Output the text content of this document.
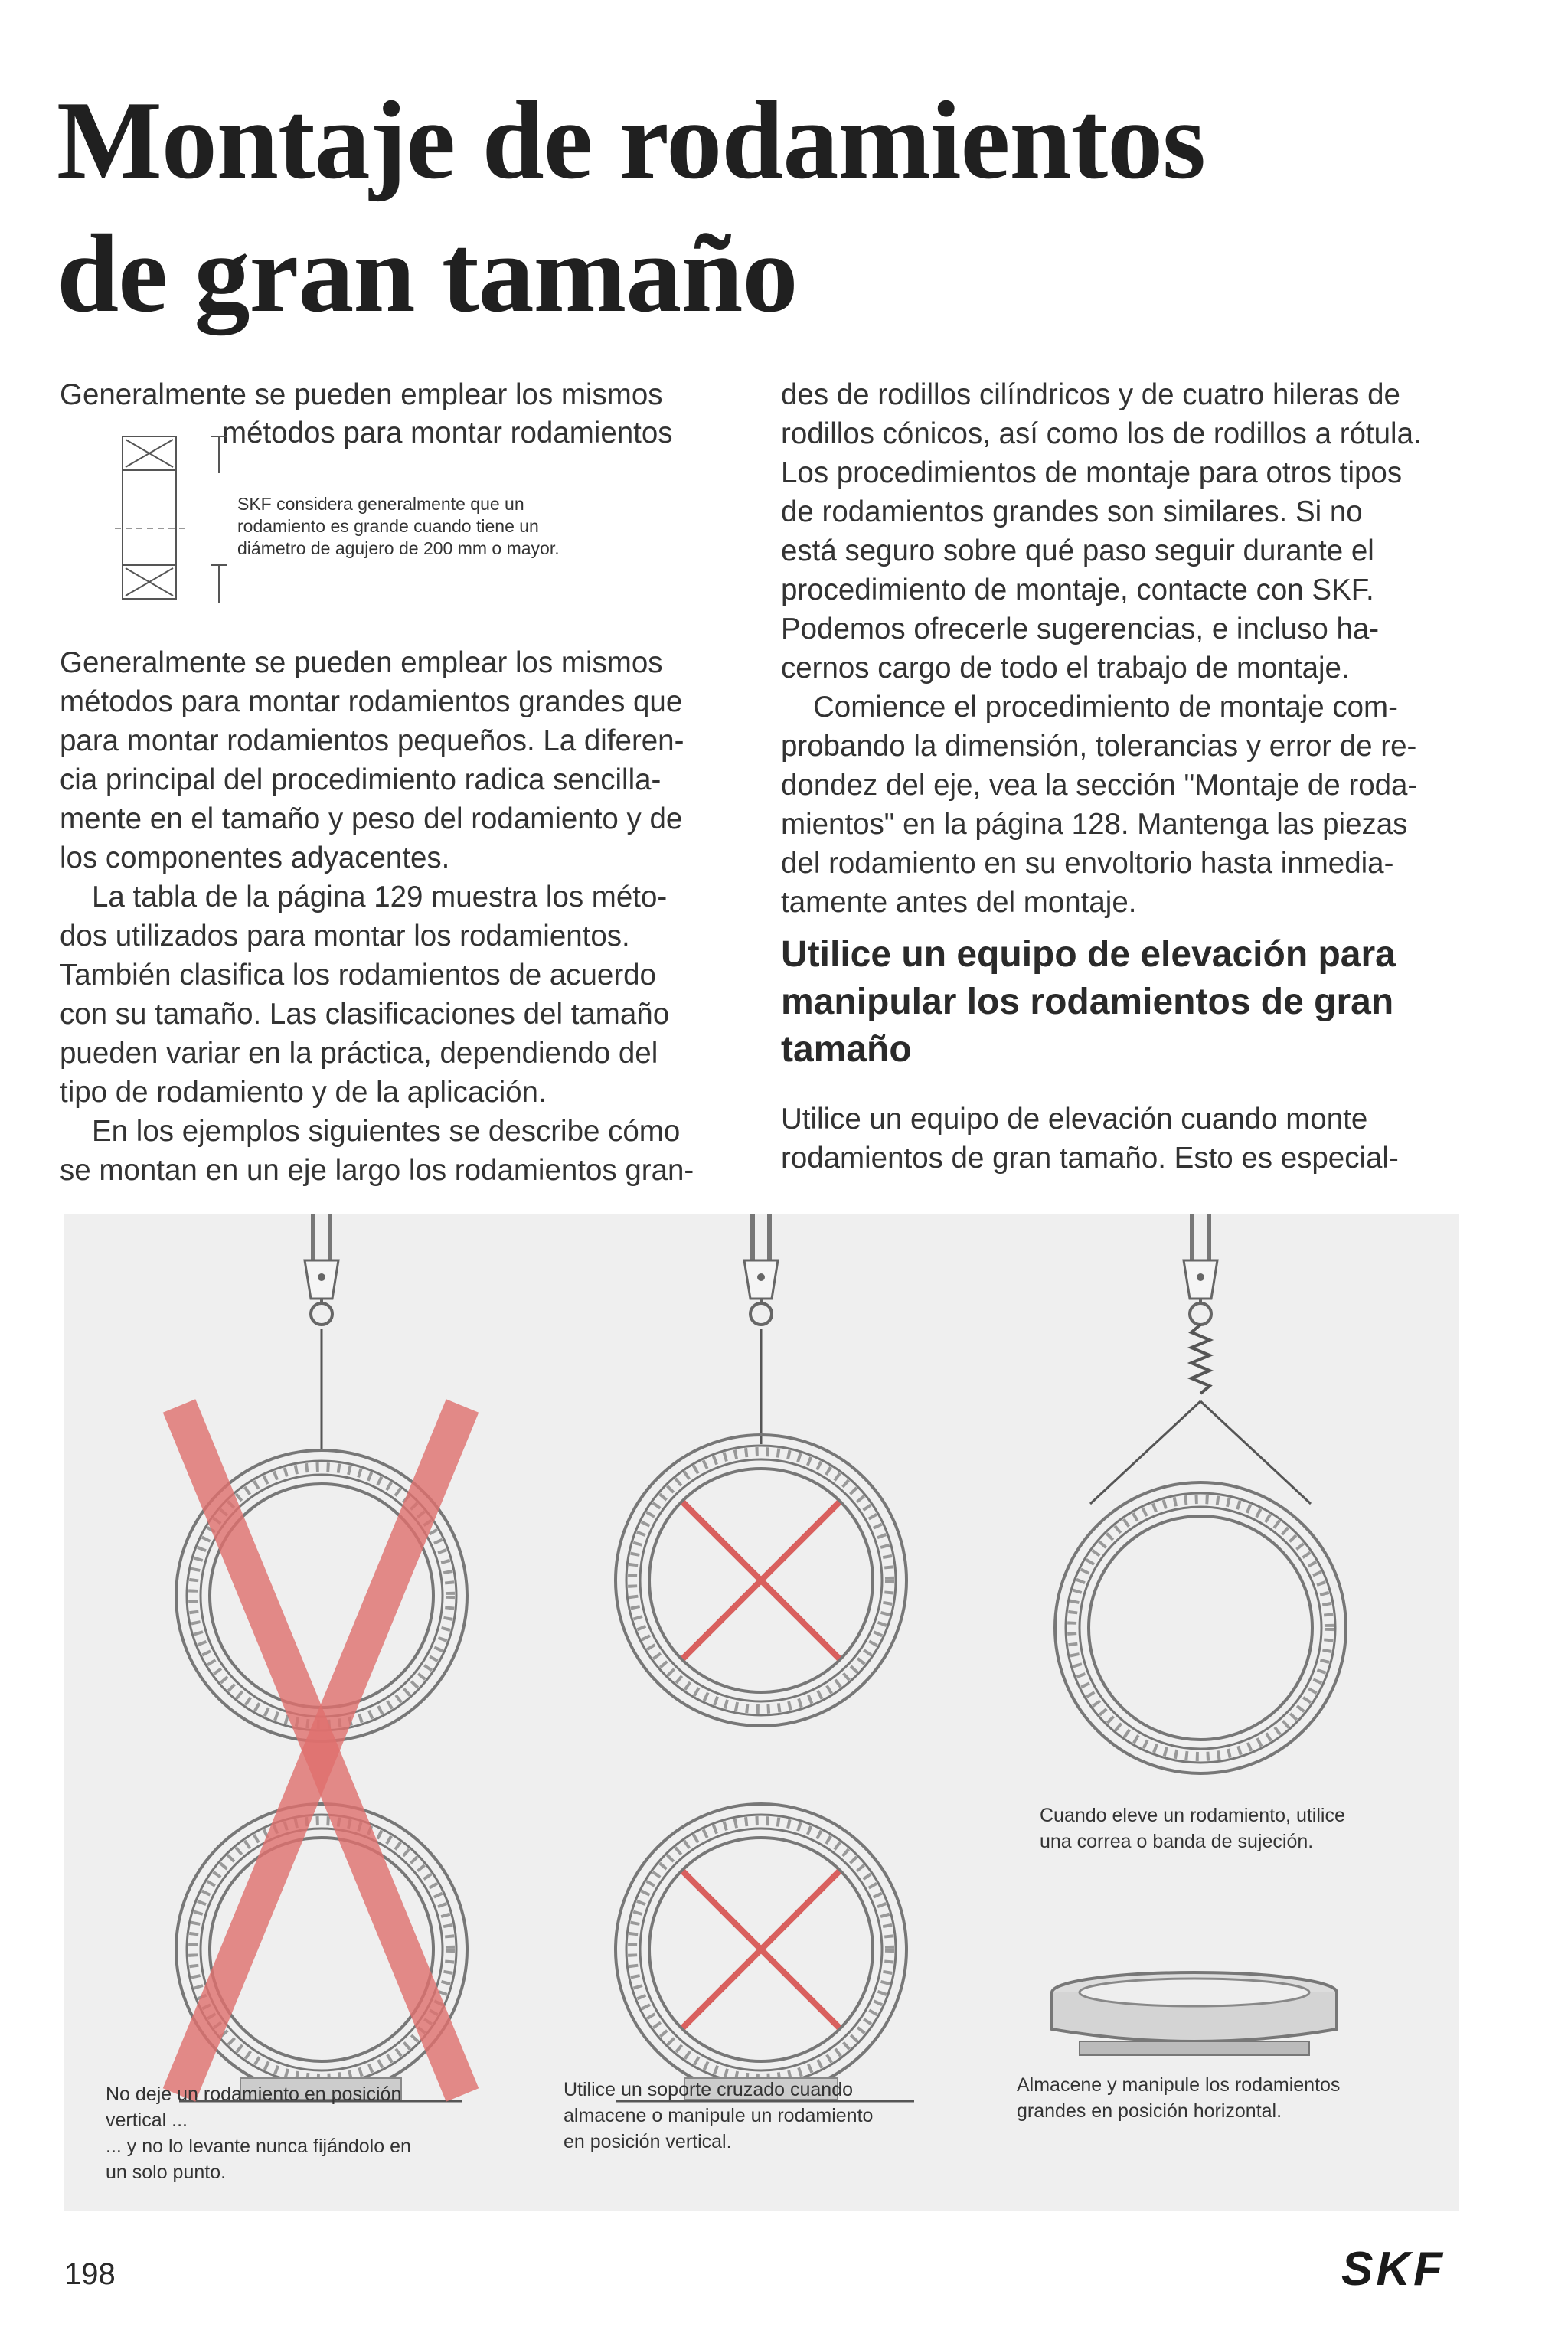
Montaje de rodamientos
de gran tamaño
Generalmente se pueden emplear los mismos
métodos para montar rodamientos
SKF considera generalmente que un
rodamiento es grande cuando tiene un
diámetro de agujero de 200 mm o mayor.

Generalmente se pueden emplear los mismos

métodos para montar rodamientos grandes que

para montar rodamientos pequeños. La diferen-

cia principal del procedimiento radica sencilla-

mente en el tamaño y peso del rodamiento y de

los componentes adyacentes.

La tabla de la página 129 muestra los méto-

dos utilizados para montar los rodamientos.

También clasifica los rodamientos de acuerdo

con su tamaño. Las clasificaciones del tamaño

pueden variar en la práctica, dependiendo del

tipo de rodamiento y de la aplicación.

En los ejemplos siguientes se describe cómo

se montan en un eje largo los rodamientos gran-

des de rodillos cilíndricos y de cuatro hileras de

rodillos cónicos, así como los de rodillos a rótula.

Los procedimientos de montaje para otros tipos

de rodamientos grandes son similares. Si no

está seguro sobre qué paso seguir durante el

procedimiento de montaje, contacte con SKF.

Podemos ofrecerle sugerencias, e incluso ha-

cernos cargo de todo el trabajo de montaje.

Comience el procedimiento de montaje com-

probando la dimensión, tolerancias y error de re-

dondez del eje, vea la sección "Montaje de roda-

mientos" en la página 128. Mantenga las piezas

del rodamiento en su envoltorio hasta inmedia-

tamente antes del montaje.

Utilice un equipo de elevación para
manipular los rodamientos de gran
tamaño

Utilice un equipo de elevación cuando monte

rodamientos de gran tamaño. Esto es especial-

No deje un rodamiento en posición
vertical ...
... y no lo levante nunca fijándolo en
un solo punto.
Utilice un soporte cruzado cuando
almacene o manipule un rodamiento
en posición vertical.
Cuando eleve un rodamiento, utilice
una correa o banda de sujeción.
Almacene y manipule los rodamientos
grandes en posición horizontal.
198	SKF
